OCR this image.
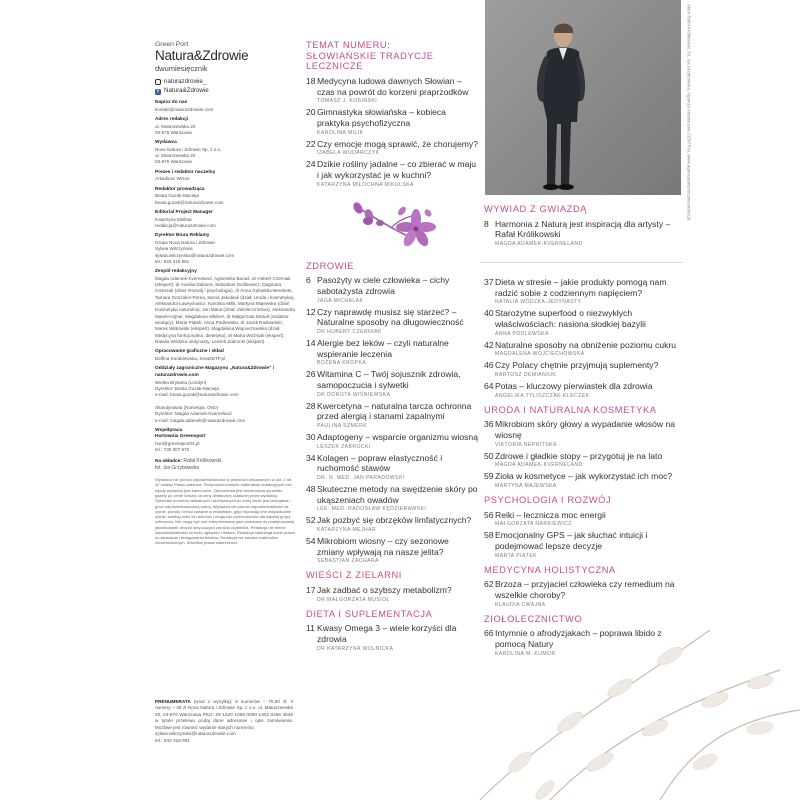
Green Port
Natura&Zdrowie
dwumiesięcznik
naturazdrowie_
f Natura&Zdrowie
Napisz do nas
kontakt@naturazdrowie.com
Adres redakcji
ul. Matuszewska 20
03-876 Warszawa
Wydawca
Nova Natura i Zdrowie Sp. z o.o.
ul. Matuszewska 20
03-876 Warszawa
Prezes i redaktor naczelny
Arkadiusz Wrzos
Redaktor prowadząca
Beata Guzak-Macieja
beata.guzak@naturazdrowie.com
Editorial Project Manager
Katarzyna Molihar
redakcja@naturazdrowie.com
Dyrektor Biura Reklamy
Grupa Nova Natura i Zdrowie
Sylwia Wilczyńska
sylwia.wilczynska@naturazdrowie.com
tel.: 533 315 991
Zespół redakcyjny
Magda Adamek-Kverneland, Agnieszka Banaś, dr Hubert Czerniak (ekspert), dr Aurelia Daktora, Sebastian Duźkiewicz, Dagmara Gmitrzak (dział: Rozwój i psychologia), dr Anna Gębalska-Berekets, Tamara Gonzalez-Perea, Iwona Jakubiak (dział: Uroda i kosmetyka), Aleksandra Ławrynowicz, Karolina Milik, Martyna Majewska (dział: Kosmetyka naturalna), Jan Matul (dział: Zielolecznictwo), Aleksandra Marek-Hojner, Magdalena Mildner, dr Małgorzata Musioł (redaktor wiodący), Marta Piątek, Anna Podlewska, dr Jacek Radwański, Marek Witkowski (ekspert), Magdalena Wojciechowska (dział: Medycyna funkcjonalna, dietetyka), dr Marta Woźniak (ekspert), Natalia Wódzka-Jedynasty, Leszek Zabrocki (ekspert)
Opracowanie graficzne i skład
Delfina Korabiewska, SmartDTP.pl
Oddziały zagraniczne Magazynu „Natura&Zdrowie" i naturazdrowie.com
Wielka Brytania (Londyn)
Dyrektor: Beata Guzak-Macieja
e-mail: beata.guzak@naturazdrowie.com

Skandynawia (Norwegia, Oslo)
Dyrektor: Magda Adamek-Kverneland
e-mail: magda.adamek@naturazdrowie.com
Współpraca
Hurtownia Greensport
hurt@greensport24.pl
tel.: 730 007 872
Na okładce: Rafał Królikowski,
fot. Iza Grzybowska
Wydawca nie ponosi odpowiedzialności w granicach wskazanych w ust. 2 art. 42 ustawy Prawo prasowe. Rozpowszechnianie materiałów redakcyjnych bez zgody wydawcy jest zabronione. Zamówienia jest bezumowna sprzedaż gazety po cenie niższej od ceny detalicznej ustalonej przez wydawcę. Sprzedaż numerów aktualnych i archiwalnych po innej cenie jest nielegalna i grozi odpowiedzialnością karną. Wydawca nie ponosi odpowiedzialności za opinie, porady i treści zawarte w reklamach, gdyż wyrażają one indywidualne opinie, według ocen ich autorów i mogą być przeznaczone dla wąskiej grupy odbiorców. Nie mogą być one interpretowane jako podstawa do podejmowania jakichkolwiek decyzji dotyczących zdrowia czytelnika. Redakcja nie bierze odpowiedzialności za treść ogłoszeń i reklam. Redakcja zastrzega sobie prawo do skracania i redagowania tekstów. Redakcja nie zwraca materiałów niezamówionych. Wszelkie prawa zastrzeżone.
PRENUMERATA (wraz z wysyłką): 6 numerów – 75,60 zł, 3 numery – 38 zł Nova Natura i Zdrowie Sp. z o.o. ul. Matuszewska 20, 03-876 Warszawa PKO: 29 1020 1068 0000 1302 0466 3649 w tytule przelewu podaj dane adresowe i opis zamówienia. Możliwe jest również wydanie starych numerów.
sylwia.wilczynska@naturazdrowie.com
tel.: 533 315 991
TEMAT NUMERU: SŁOWIAŃSKIE TRADYCJE LECZNICZE
18 Medycyna ludowa dawnych Słowian – czas na powrót do korzeni praprzodków
TOMASZ J. KOSIŃSKI
20 Gimnastyka słowiańska – kobieca praktyka psychofizyczna
KAROLINA MILIK
22 Czy emocje mogą sprawić, że chorujemy?
IZABELA WUDARCZYK
24 Dzikie rośliny jadalne – co zbierać w maju i jak wykorzystać je w kuchni?
KATARZYNA MIŁOCHNA MIKULSKA
ZDROWIE
6 Pasożyty w ciele człowieka – cichy sabotażysta zdrowia
JAGA MICHALAK
12 Czy naprawdę musisz się starzeć? – Naturalne sposoby na długowieczność
DR HUBERT CZERNIAK
14 Alergie bez leków – czyli naturalne wspieranie leczenia
BOŻENA KROPKA
26 Witamina C – Twój sojusznik zdrowia, samopoczucia i sylwetki
DR DOROTA WIŚNIEWSKA
28 Kwercetyna – naturalna tarcza ochronna przed alergią i stanami zapalnymi
PAULINA SZMERK
30 Adaptogeny – wsparcie organizmu wiosną
LESZEK ZABROCKI
34 Kolagen – popraw elastyczność i ruchomość stawów
DR. N. MED. JAN PARADOWSKI
48 Skuteczne metody na swędzenie skóry po ukąszeniach owadów
LEK. MED. RADOSŁAW KĘDZIERAWSKI
52 Jak pozbyć się obrzęków limfatycznych?
KATARZYNA MEJHAR
54 Mikrobiom wiosny – czy sezonowe zmiany wpływają na nasze jelita?
SEBASTIAN ZACHARA
WIEŚCI Z ZIELARNI
17 Jak zadbać o szybszy metabolizm?
DR MAŁGORZATA MUSIOŁ
DIETA I SUPLEMENTACJA
11 Kwasy Omega 3 – wiele korzyści dla zdrowia
DR KATARZYNA WOLNICKA
Aktor Rafał Królikowski, fot. Iza Grzybowska, Agencja Artystyczna CENTRAL www.agencjaartystycznacentral.pl
WYWIAD Z GWIAZDĄ
8 Harmonia z Naturą jest inspiracją dla artysty – Rafał Królikowski
MAGDA ADAMEK-KVERNELAND
37 Dieta w stresie – jakie produkty pomogą nam radzić sobie z codziennym napięciem?
NATALIA WÓDZKA-JEDYNASTY
40 Starożytne superfood o niezwykłych właściwościach: nasiona słodkiej bazylii
ANNA PODLEWSKA
42 Naturalne sposoby na obniżenie poziomu cukru
MAGDALENA WOJCIECHOWSKA
46 Czy Polacy chętnie przyjmują suplementy?
BARTOSZ DEMIANIUK
64 Potas – kluczowy pierwiastek dla zdrowia
ANGELIKA TYLISZCZAK-KLECZEK
URODA I NATURALNA KOSMETYKA
36 Mikrobiom skóry głowy a wypadanie włosów na wiosnę
VIKTORIA NEPRITSKA
50 Zdrowe i gładkie stopy – przygotuj je na lato
MAGDA ADAMEK-KVERNELAND
59 Zioła w kosmetyce – jak wykorzystać ich moc?
MARTYNA MAJEWSKA
PSYCHOLOGIA I ROZWÓJ
56 Reiki – lecznicza moc energii
MAŁGORZATA NARKIEWICZ
58 Emocjonalny GPS – jak słuchać intuicji i podejmować lepsze decyzje
MARTA PIĄTEK
MEDYCYNA HOLISTYCZNA
62 Brzoza – przyjaciel człowieka czy remedium na wszelkie choroby?
KLAUDIA CWAJNA
ZIOŁOLECZNICTWO
66 Intymnie o afrodyzjakach – poprawa libido z pomocą Natury
KAROLINA M. KUMOR
